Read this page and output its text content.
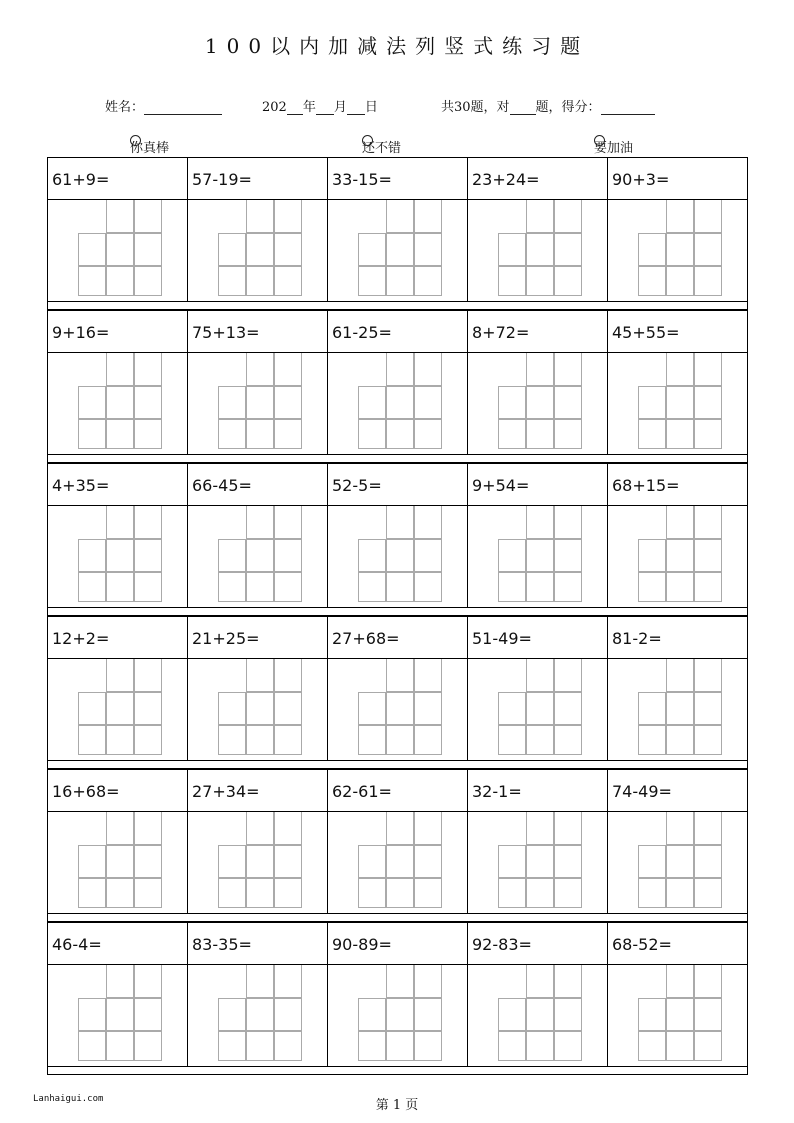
100以内加减法列竖式练习题
姓名：	202 年 月 日	共30题，对 题，得分：
你真棒	还不错	要加油
61+9=	57-19=	33-15=	23+24=	90+3=
9+16=	75+13=	61-25=	8+72=	45+55=
4+35=	66-45=	52-5=	9+54=	68+15=
12+2=	21+25=	27+68=	51-49=	81-2=
16+68=	27+34=	62-61=	32-1=	74-49=
46-4=	83-35=	90-89=	92-83=	68-52=
Lanhaigui.com	第 1 页
